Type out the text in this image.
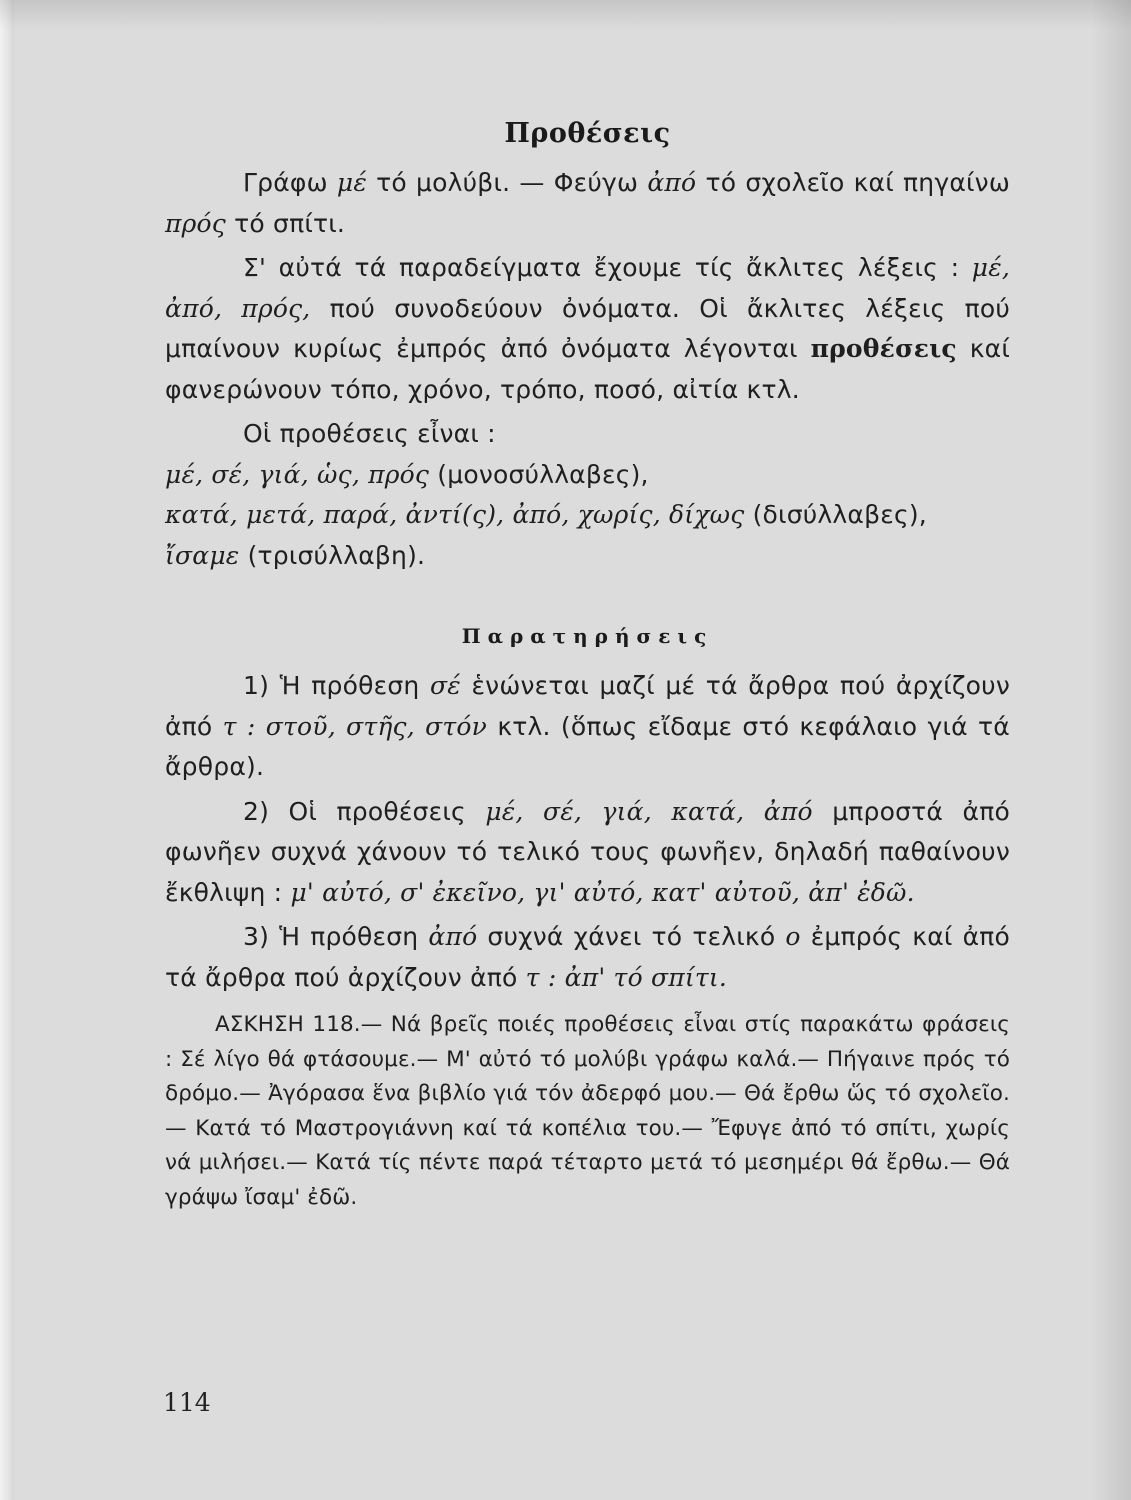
Προθέσεις

Γράφω μέ τό μολύβι. — Φεύγω ἀπό τό σχολεῖο καί πηγαίνω πρός τό σπίτι.

Σ' αὐτά τά παραδείγματα ἔχουμε τίς ἄκλιτες λέξεις : μέ, ἀπό, πρός, πού συνοδεύουν ὀνόματα. Οἱ ἄκλιτες λέξεις πού μπαίνουν κυρίως ἐμπρός ἀπό ὀνόματα λέγονται προθέσεις καί φανερώνουν τόπο, χρόνο, τρόπο, ποσό, αἰτία κτλ.

Οἱ προθέσεις εἶναι :

μέ, σέ, γιά, ὡς, πρός (μονοσύλλαβες),

κατά, μετά, παρά, ἀντί(ς), ἀπό, χωρίς, δίχως (δισύλλαβες),

ἴσαμε (τρισύλλαβη).

Παρατηρήσεις

1) Ἡ πρόθεση σέ ἑνώνεται μαζί μέ τά ἄρθρα πού ἀρχίζουν ἀπό τ : στοῦ, στῆς, στόν κτλ. (ὅπως εἴδαμε στό κεφάλαιο γιά τά ἄρθρα).

2) Οἱ προθέσεις μέ, σέ, γιά, κατά, ἀπό μπροστά ἀπό φωνῆεν συχνά χάνουν τό τελικό τους φωνῆεν, δηλαδή παθαίνουν ἔκθλιψη : μ' αὐτό, σ' ἐκεῖνο, γι' αὐτό, κατ' αὐτοῦ, ἀπ' ἐδῶ.

3) Ἡ πρόθεση ἀπό συχνά χάνει τό τελικό ο ἐμπρός καί ἀπό τά ἄρθρα πού ἀρχίζουν ἀπό τ : ἀπ' τό σπίτι.

ΑΣΚΗΣΗ 118.— Νά βρεῖς ποιές προθέσεις εἶναι στίς παρακάτω φράσεις : Σέ λίγο θά φτάσουμε.— Μ' αὐτό τό μολύβι γράφω καλά.— Πήγαινε πρός τό δρόμο.— Ἀγόρασα ἕνα βιβλίο γιά τόν ἀδερφό μου.— Θά ἔρθω ὥς τό σχολεῖο.— Κατά τό Μαστρογιάννη καί τά κοπέλια του.— Ἔφυγε ἀπό τό σπίτι, χωρίς νά μιλήσει.— Κατά τίς πέντε παρά τέταρτο μετά τό μεσημέρι θά ἔρθω.— Θά γράψω ἴσαμ' ἐδῶ.

114
